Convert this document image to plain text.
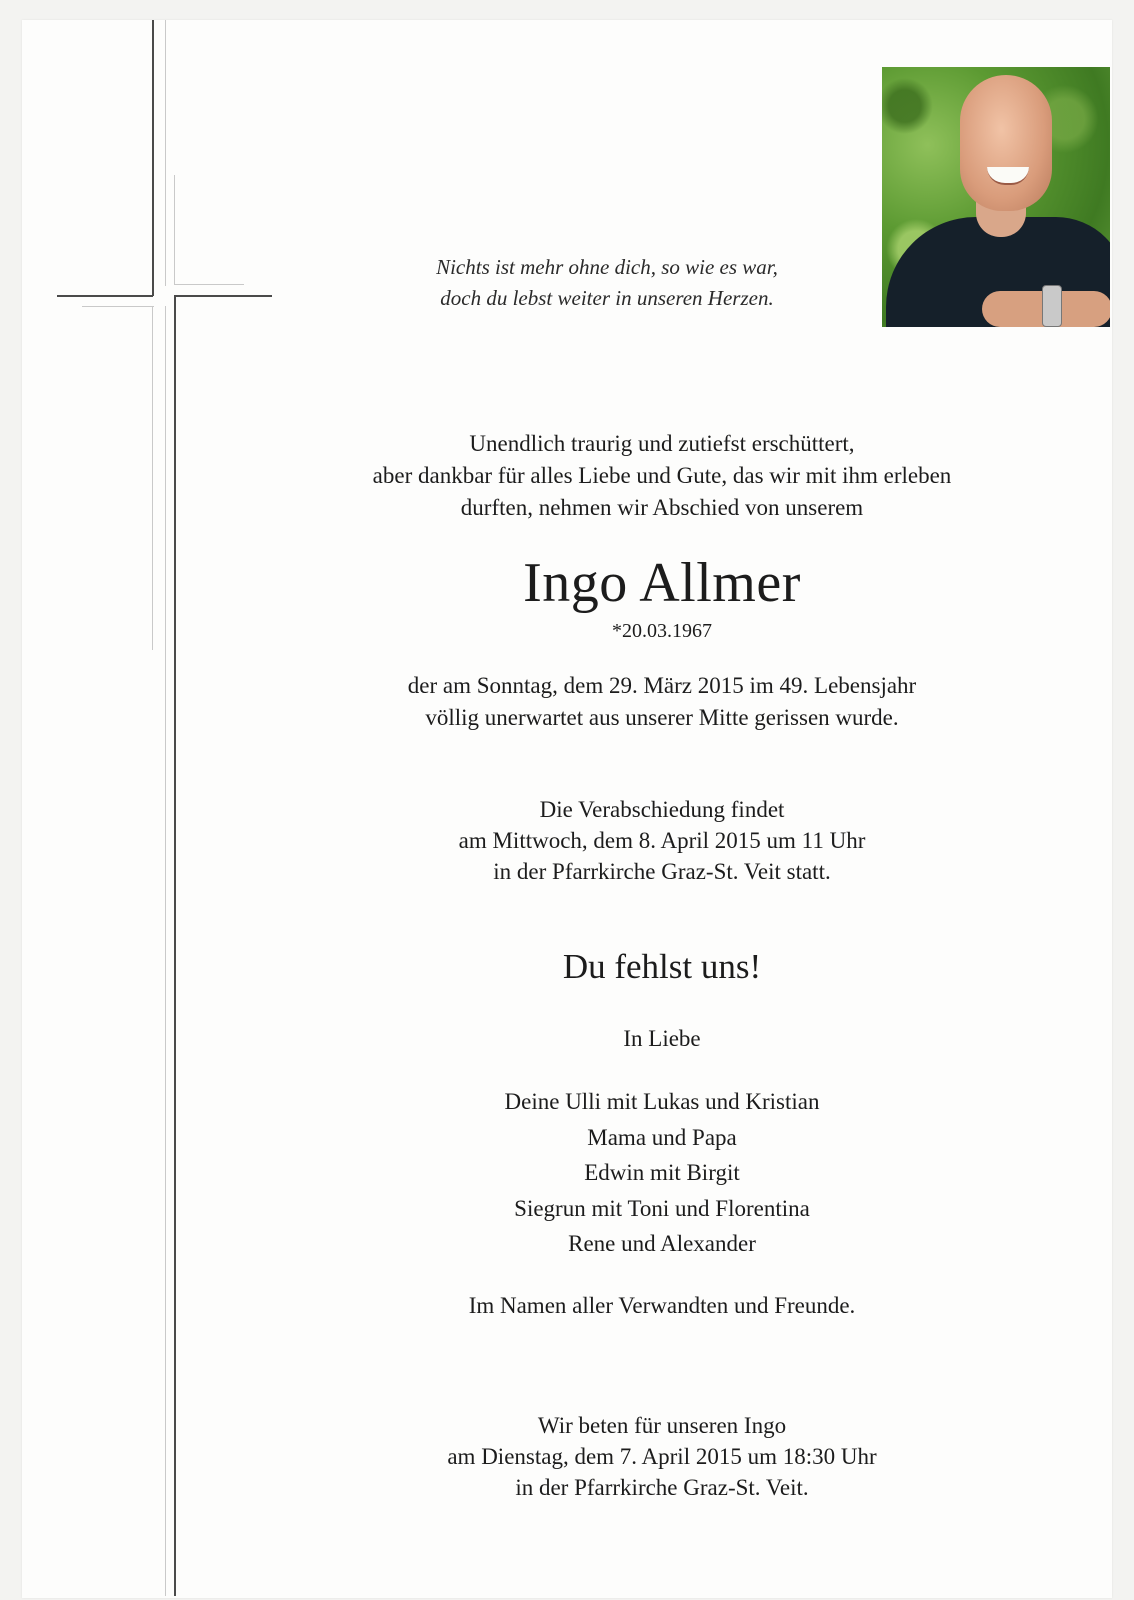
Nichts ist mehr ohne dich, so wie es war,
doch du lebst weiter in unseren Herzen.
Unendlich traurig und zutiefst erschüttert,
aber dankbar für alles Liebe und Gute, das wir mit ihm erleben
durften, nehmen wir Abschied von unserem
Ingo Allmer
*20.03.1967
der am Sonntag, dem 29. März 2015 im 49. Lebensjahr
völlig unerwartet aus unserer Mitte gerissen wurde.
Die Verabschiedung findet
am Mittwoch, dem 8. April 2015 um 11 Uhr
in der Pfarrkirche Graz-St. Veit statt.
Du fehlst uns!
In Liebe
Deine Ulli mit Lukas und Kristian
Mama und Papa
Edwin mit Birgit
Siegrun mit Toni und Florentina
Rene und Alexander
Im Namen aller Verwandten und Freunde.
Wir beten für unseren Ingo
am Dienstag, dem 7. April 2015 um 18:30 Uhr
in der Pfarrkirche Graz-St. Veit.
